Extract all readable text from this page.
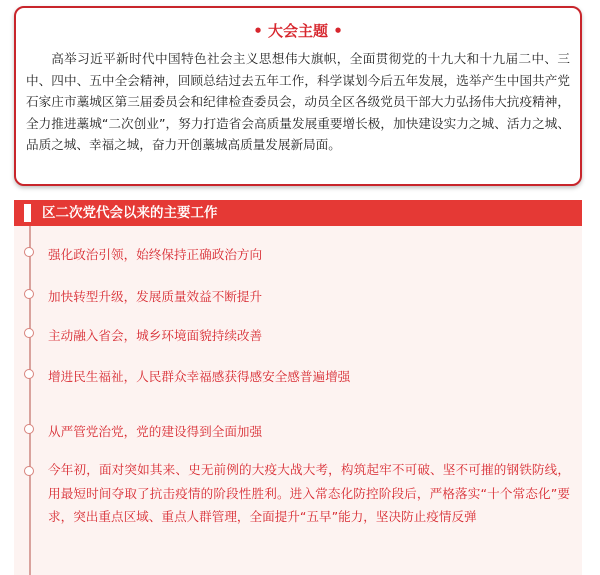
• 大会主题 •
高举习近平新时代中国特色社会主义思想伟大旗帜，全面贯彻党的十九大和十九届二中、三中、四中、五中全会精神，回顾总结过去五年工作，科学谋划今后五年发展，选举产生中国共产党石家庄市藁城区第三届委员会和纪律检查委员会，动员全区各级党员干部大力弘扬伟大抗疫精神，全力推进藁城“二次创业”，努力打造省会高质量发展重要增长极，加快建设实力之城、活力之城、品质之城、幸福之城，奋力开创藁城高质量发展新局面。
区二次党代会以来的主要工作
强化政治引领，始终保持正确政治方向
加快转型升级，发展质量效益不断提升
主动融入省会，城乡环境面貌持续改善
增进民生福祉，人民群众幸福感获得感安全感普遍增强
从严管党治党，党的建设得到全面加强
今年初，面对突如其来、史无前例的大疫大战大考，构筑起牢不可破、坚不可摧的钢铁防线，用最短时间夺取了抗击疫情的阶段性胜利。进入常态化防控阶段后，严格落实“十个常态化”要求，突出重点区域、重点人群管理，全面提升“五早”能力，坚决防止疫情反弹
